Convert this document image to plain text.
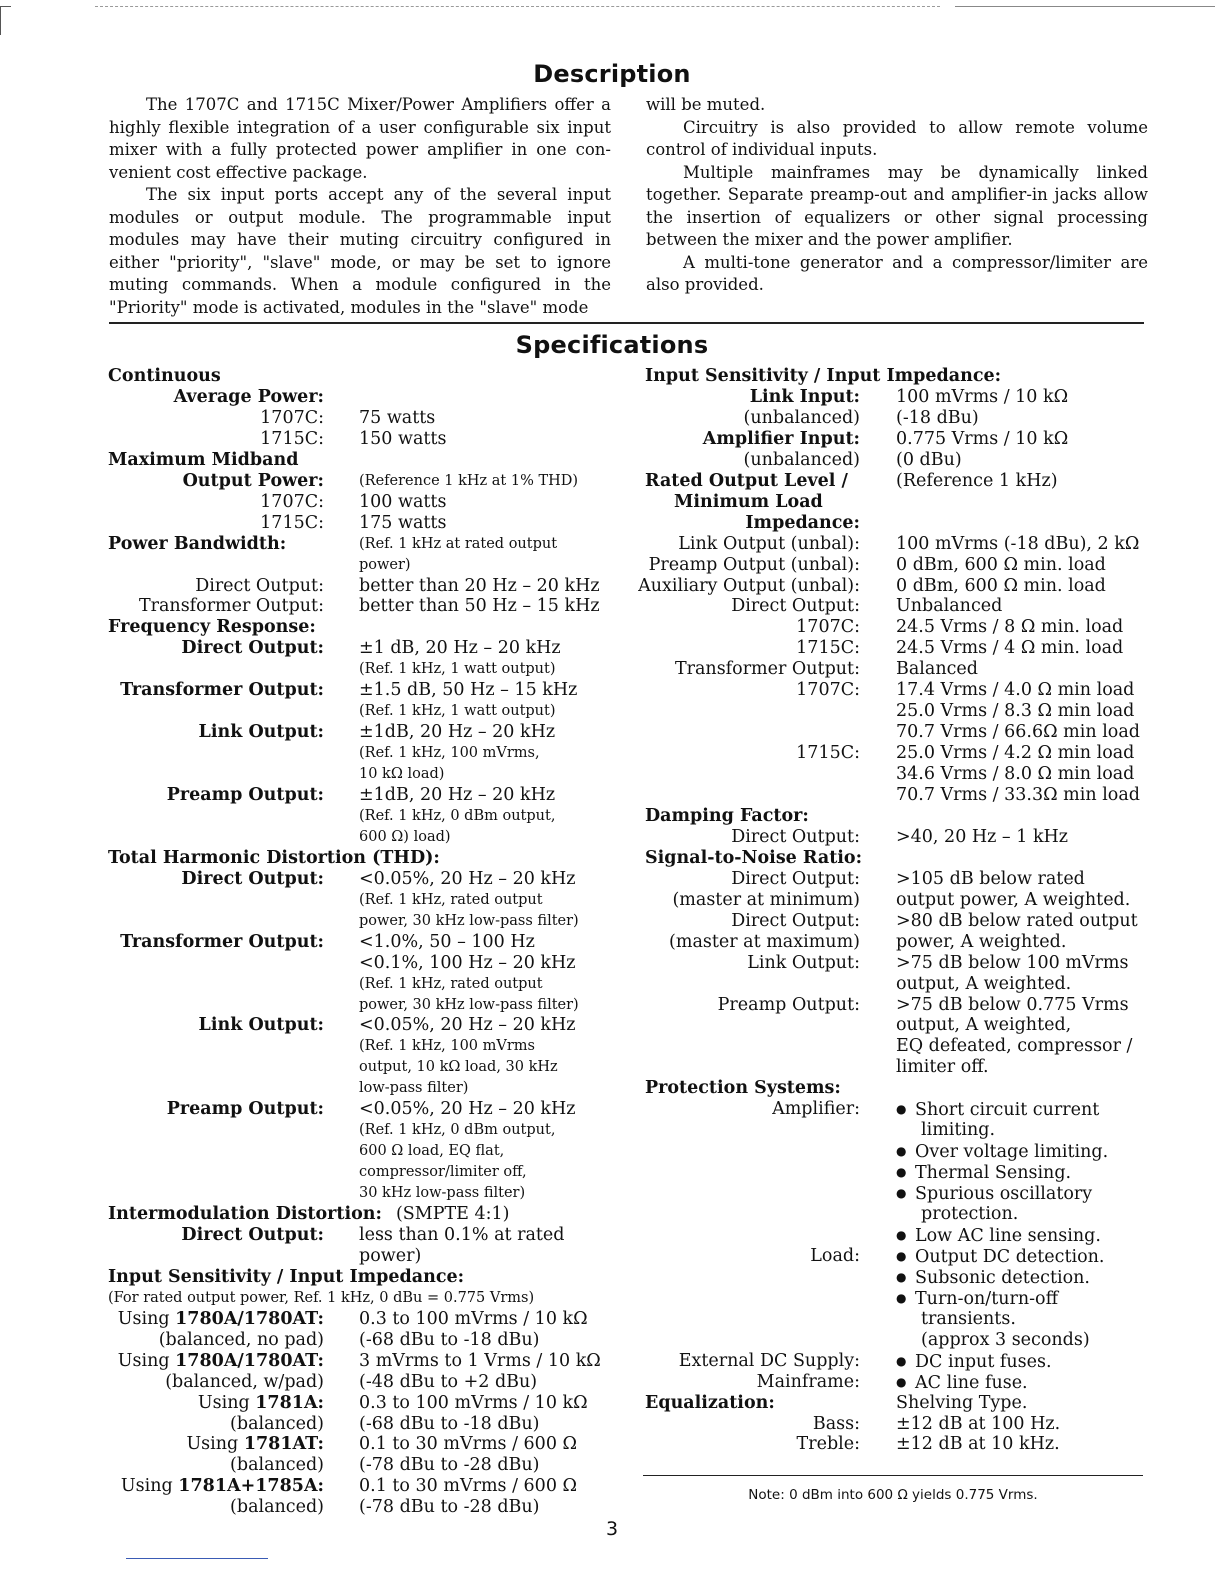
Description

The 1707C and 1715C Mixer/Power Amplifiers offer a highly flexible integration of a user configurable six input mixer with a fully protected power amplifier in one con-venient cost effective package.

The six input ports accept any of the several input modules or output module. The programmable input modules may have their muting circuitry configured in either "priority", "slave" mode, or may be set to ignore muting commands. When a module configured in the "Priority" mode is activated, modules in the "slave" mode

will be muted.

Circuitry is also provided to allow remote volume control of individual inputs.

Multiple mainframes may be dynamically linked together. Separate preamp-out and amplifier-in jacks allow the insertion of equalizers or other signal processing between the mixer and the power amplifier.

A multi-tone generator and a compressor/limiter are also provided.

Specifications
Continuous
Average Power:
1707C: 75 watts
1715C: 150 watts
Maximum Midband
Output Power: (Reference 1 kHz at 1% THD)
1707C: 100 watts
1715C: 175 watts
Power Bandwidth:	(Ref. 1 kHz at rated output
power)
Direct Output: better than 20 Hz – 20 kHz
Transformer Output: better than 50 Hz – 15 kHz
Frequency Response:
Direct Output: ±1 dB, 20 Hz – 20 kHz
(Ref. 1 kHz, 1 watt output)
Transformer Output: ±1.5 dB, 50 Hz – 15 kHz
(Ref. 1 kHz, 1 watt output)
Link Output: ±1dB, 20 Hz – 20 kHz
(Ref. 1 kHz, 100 mVrms,
10 kΩ load)
Preamp Output: ±1dB, 20 Hz – 20 kHz
(Ref. 1 kHz, 0 dBm output,
600 Ω) load)
Total Harmonic Distortion (THD):
Direct Output: <0.05%, 20 Hz – 20 kHz
(Ref. 1 kHz, rated output
power, 30 kHz low-pass filter)
Transformer Output: <1.0%, 50 – 100 Hz
<0.1%, 100 Hz – 20 kHz
(Ref. 1 kHz, rated output
power, 30 kHz low-pass filter)
Link Output: <0.05%, 20 Hz – 20 kHz
(Ref. 1 kHz, 100 mVrms
output, 10 kΩ load, 30 kHz
low-pass filter)
Preamp Output: <0.05%, 20 Hz – 20 kHz
(Ref. 1 kHz, 0 dBm output,
600 Ω load, EQ flat,
compressor/limiter off,
30 kHz low-pass filter)
Intermodulation Distortion: (SMPTE 4:1)
Direct Output: less than 0.1% at rated
power)
Input Sensitivity / Input Impedance:
(For rated output power, Ref. 1 kHz, 0 dBu = 0.775 Vrms)
Using 1780A/1780AT: 0.3 to 100 mVrms / 10 kΩ
(balanced, no pad) (-68 dBu to -18 dBu)
Using 1780A/1780AT: 3 mVrms to 1 Vrms / 10 kΩ
(balanced, w/pad) (-48 dBu to +2 dBu)
Using 1781A: 0.3 to 100 mVrms / 10 kΩ
(balanced) (-68 dBu to -18 dBu)
Using 1781AT: 0.1 to 30 mVrms / 600 Ω
(balanced) (-78 dBu to -28 dBu)
Using 1781A+1785A: 0.1 to 30 mVrms / 600 Ω
(balanced) (-78 dBu to -28 dBu)
Input Sensitivity / Input Impedance:
Link Input: 100 mVrms / 10 kΩ
(unbalanced) (-18 dBu)
Amplifier Input: 0.775 Vrms / 10 kΩ
(unbalanced) (0 dBu)
Rated Output Level /	(Reference 1 kHz)
Minimum Load
Impedance:
Link Output (unbal): 100 mVrms (-18 dBu), 2 kΩ
Preamp Output (unbal): 0 dBm, 600 Ω min. load
Auxiliary Output (unbal): 0 dBm, 600 Ω min. load
Direct Output: Unbalanced
1707C: 24.5 Vrms / 8 Ω min. load
1715C: 24.5 Vrms / 4 Ω min. load
Transformer Output: Balanced
1707C: 17.4 Vrms / 4.0 Ω min load
25.0 Vrms / 8.3 Ω min load
70.7 Vrms / 66.6Ω min load
1715C: 25.0 Vrms / 4.2 Ω min load
34.6 Vrms / 8.0 Ω min load
70.7 Vrms / 33.3Ω min load
Damping Factor:
Direct Output: >40, 20 Hz – 1 kHz
Signal-to-Noise Ratio:
Direct Output: >105 dB below rated
(master at minimum) output power, A weighted.
Direct Output: >80 dB below rated output
(master at maximum) power, A weighted.
Link Output: >75 dB below 100 mVrms
output, A weighted.
Preamp Output: >75 dB below 0.775 Vrms
output, A weighted,
EQ defeated, compressor /
limiter off.
Protection Systems:
Amplifier:	● Short circuit current
limiting.
● Over voltage limiting.
● Thermal Sensing.
● Spurious oscillatory
protection.
● Low AC line sensing.
Load:	● Output DC detection.
● Subsonic detection.
● Turn-on/turn-off
transients.
(approx 3 seconds)
External DC Supply:	● DC input fuses.
Mainframe:	● AC line fuse.
Equalization:	Shelving Type.
Bass: ±12 dB at 100 Hz.
Treble: ±12 dB at 10 kHz.
Note: 0 dBm into 600 Ω yields 0.775 Vrms.
3
